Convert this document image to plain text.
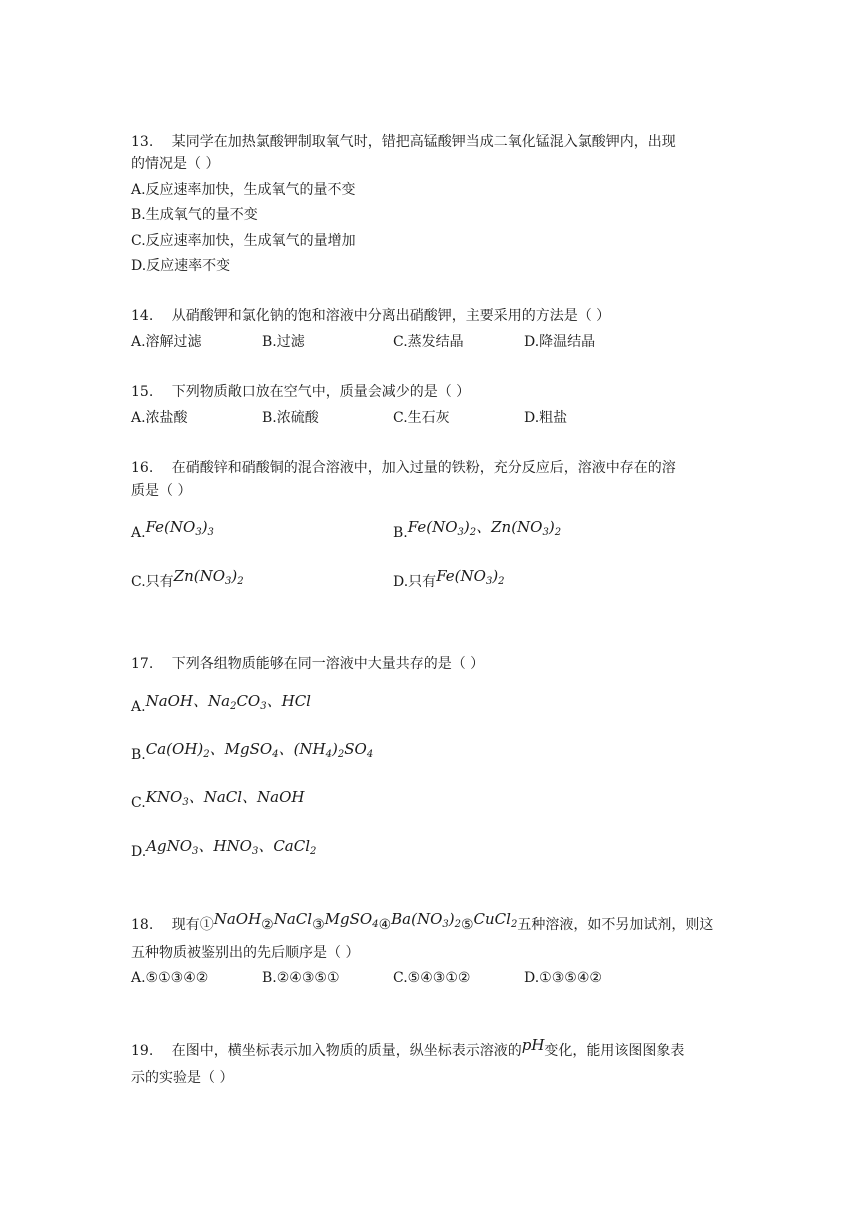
13.　 某同学在加热氯酸钾制取氧气时，错把高锰酸钾当成二氧化锰混入氯酸钾内，出现
的情况是（ ）
A.反应速率加快，生成氧气的量不变
B.生成氧气的量不变
C.反应速率加快，生成氧气的量增加
D.反应速率不变
14.　 从硝酸钾和氯化钠的饱和溶液中分离出硝酸钾，主要采用的方法是（ ）
A.溶解过滤	B.过滤	C.蒸发结晶	D.降温结晶
15.　 下列物质敞口放在空气中，质量会减少的是（ ）
A.浓盐酸	B.浓硫酸	C.生石灰	D.粗盐
16.　 在硝酸锌和硝酸铜的混合溶液中，加入过量的铁粉，充分反应后，溶液中存在的溶
质是（ ）
$A.Fe(NO_3)_3$	$B.Fe(NO_3)_2$、$Zn(NO_3)_2$
C.只有$Zn(NO_3)_2$	D.只有$Fe(NO_3)_2$
17.　 下列各组物质能够在同一溶液中大量共存的是（ ）
A.NaOH、$Na_2CO_3$、HCl
$B.Ca(OH)_2$、MgSO$_4$、$(NH_4)_2SO_4$
$C.KNO_3$、NaCl、NaOH
D.AgNO$_3$、$HNO_3$、CaCl$_2$
18.　 现有$①NaOH②NaCl③MgSO_4④Ba(NO_3)_2⑤CuCl_2$五种溶液，如不另加试剂，则这
五种物质被鉴别出的先后顺序是（ ）
A.⑤①③④②	B.②④③⑤①	C.⑤④③①②	D.①③⑤④②
19.　 在图中，横坐标表示加入物质的质量，纵坐标表示溶液的pH变化，能用该图图象表
示的实验是（ ）
